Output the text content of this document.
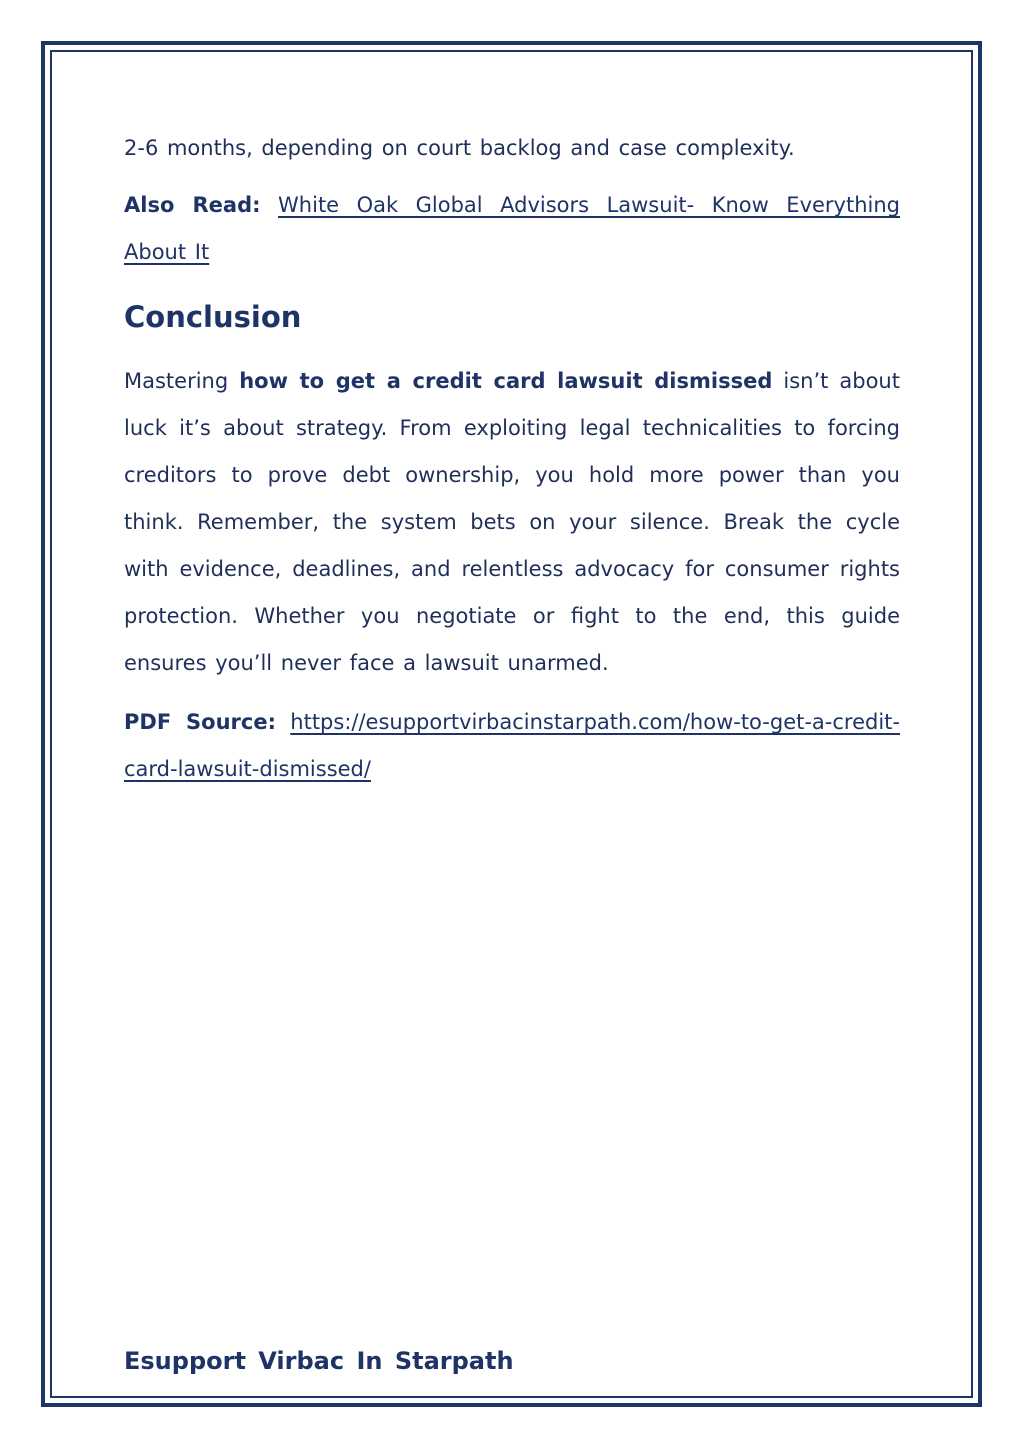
2-6 months, depending on court backlog and case complexity.

Also Read: White Oak Global Advisors Lawsuit- Know Everything About It

Conclusion

Mastering how to get a credit card lawsuit dismissed isn’t about luck it’s about strategy. From exploiting legal technicalities to forcing creditors to prove debt ownership, you hold more power than you think. Remember, the system bets on your silence. Break the cycle with evidence, deadlines, and relentless advocacy for consumer rights protection. Whether you negotiate or fight to the end, this guide ensures you’ll never face a lawsuit unarmed.

PDF Source: https://esupportvirbacinstarpath.com/how-to-get-a-credit-card-lawsuit-dismissed/

Esupport Virbac In Starpath
